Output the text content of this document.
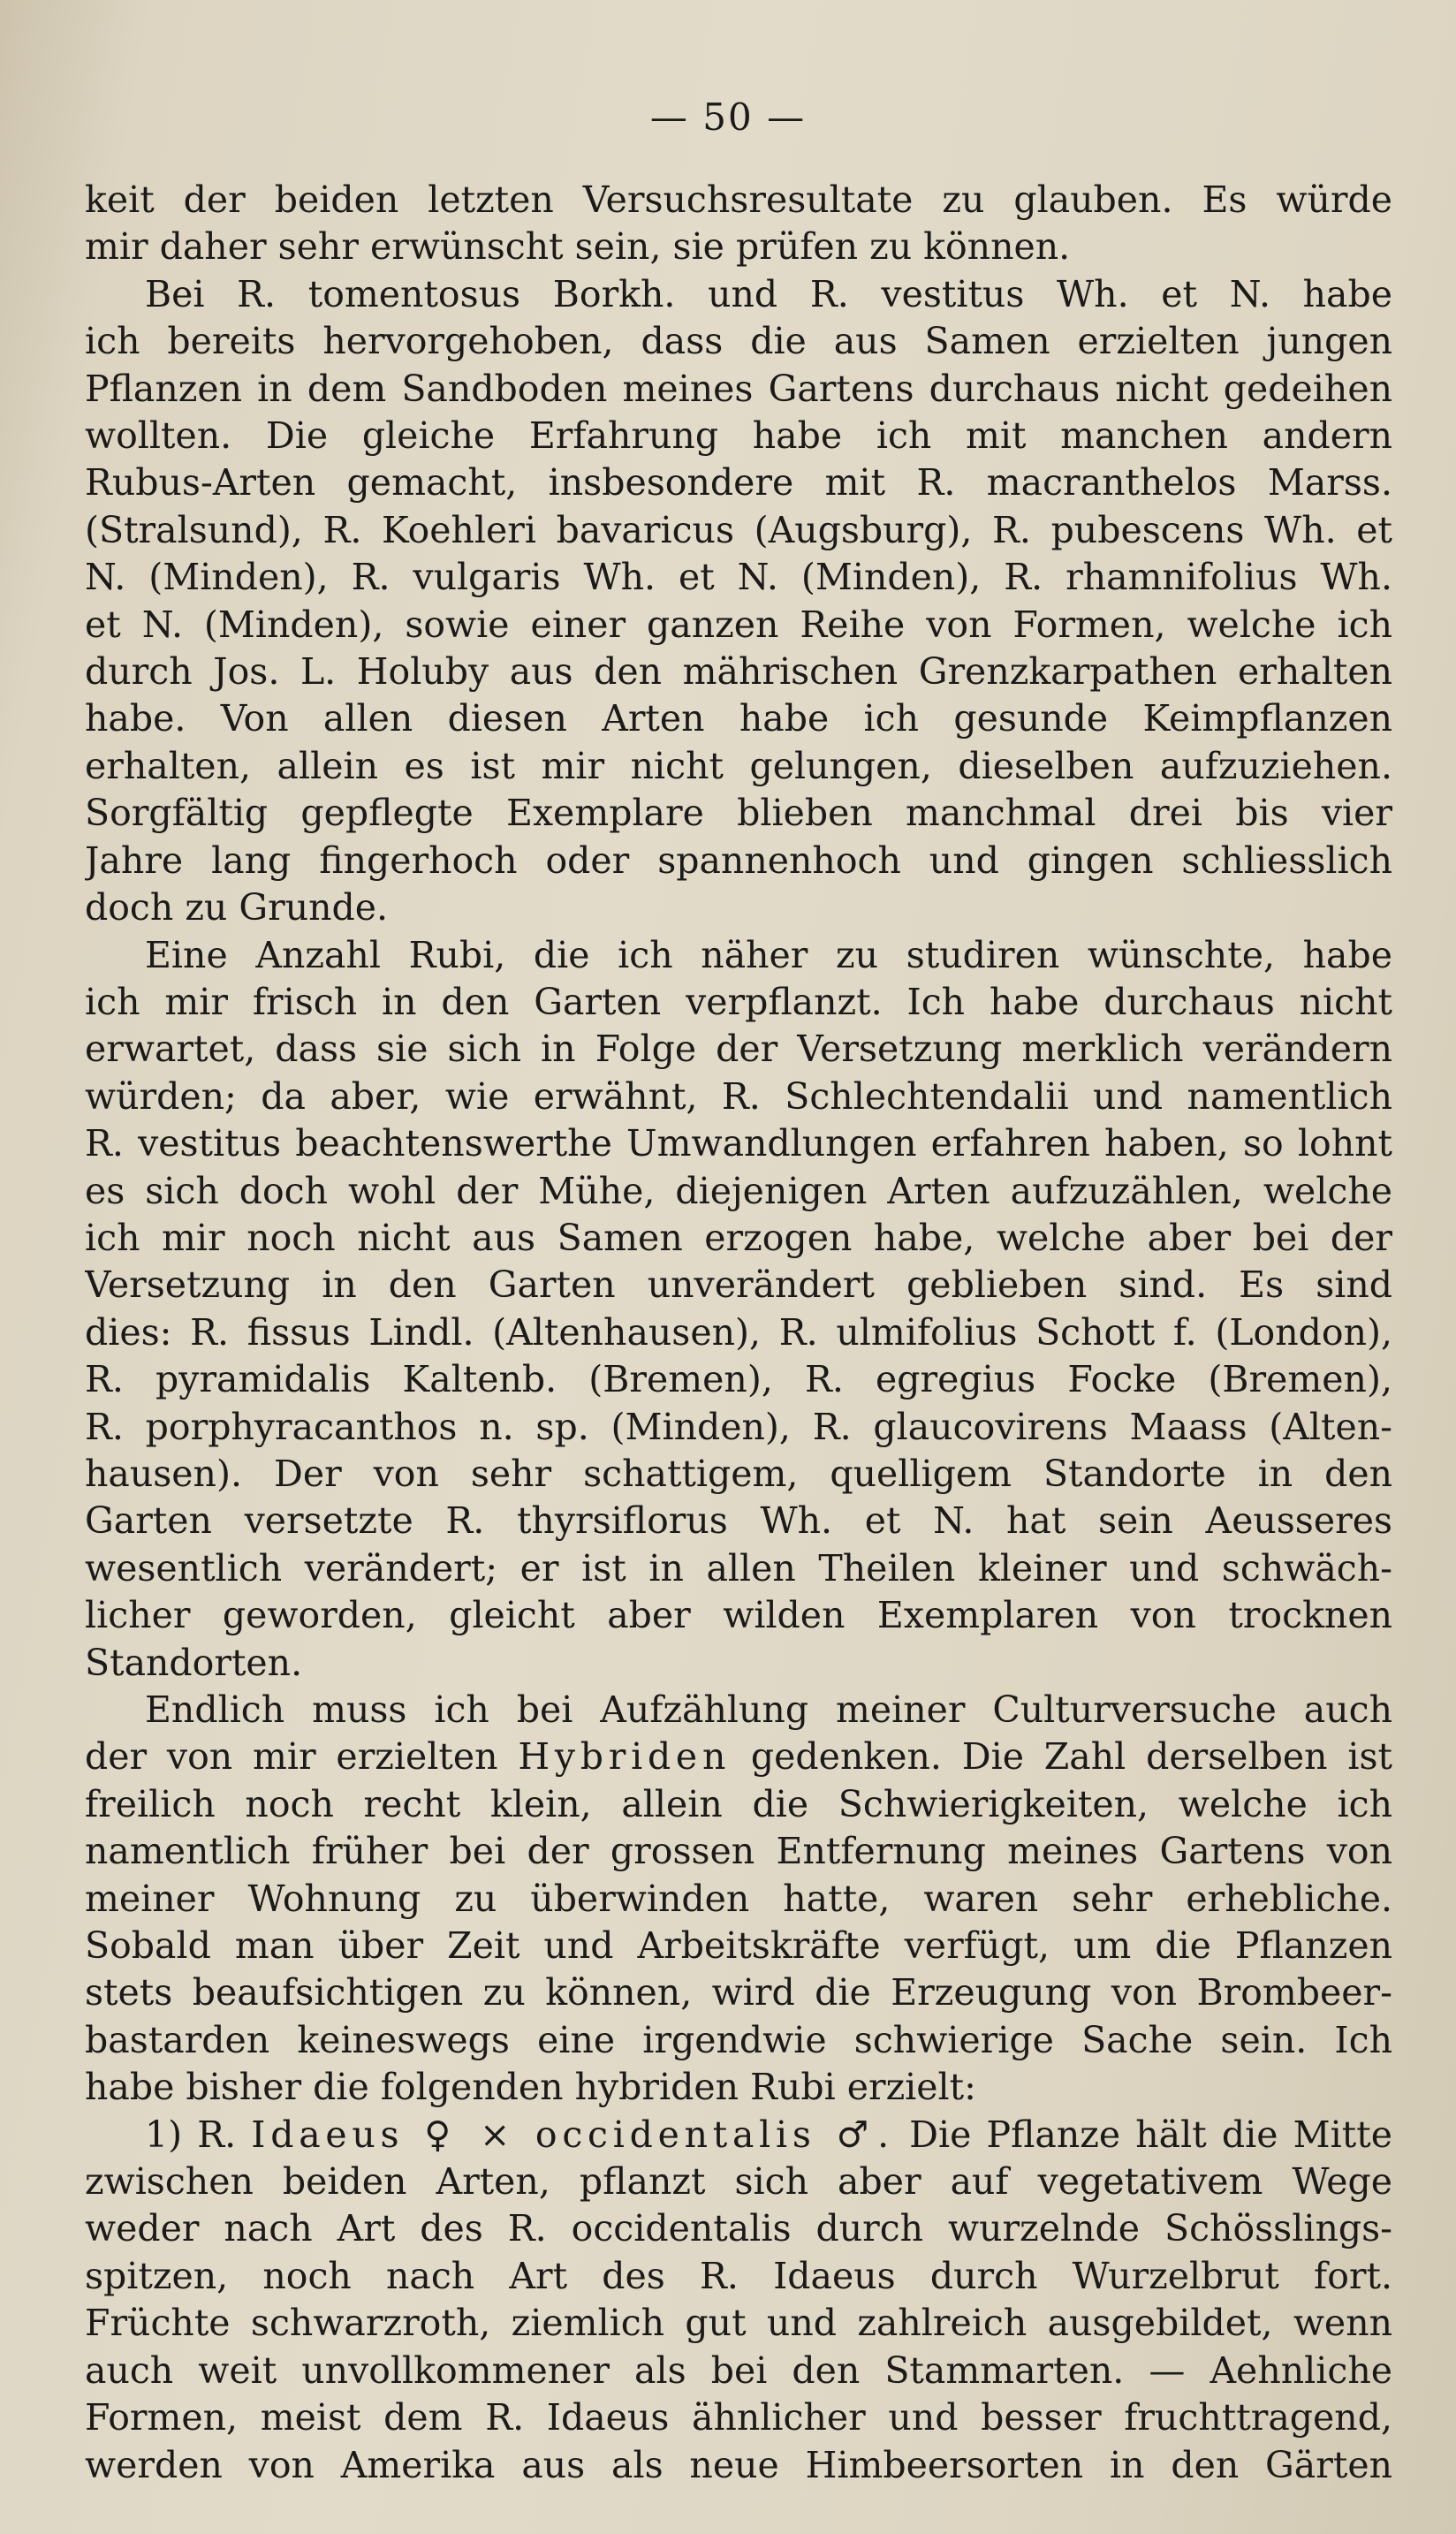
— 50 —
keit der beiden letzten Versuchsresultate zu glauben. Es würde
mir daher sehr erwünscht sein, sie prüfen zu können.
Bei R. tomentosus Borkh. und R. vestitus Wh. et N. habe
ich bereits hervorgehoben, dass die aus Samen erzielten jungen
Pflanzen in dem Sandboden meines Gartens durchaus nicht gedeihen
wollten. Die gleiche Erfahrung habe ich mit manchen andern
Rubus-Arten gemacht, insbesondere mit R. macranthelos Marss.
(Stralsund), R. Koehleri bavaricus (Augsburg), R. pubescens Wh. et
N. (Minden), R. vulgaris Wh. et N. (Minden), R. rhamnifolius Wh.
et N. (Minden), sowie einer ganzen Reihe von Formen, welche ich
durch Jos. L. Holuby aus den mährischen Grenzkarpathen erhalten
habe. Von allen diesen Arten habe ich gesunde Keimpflanzen
erhalten, allein es ist mir nicht gelungen, dieselben aufzuziehen.
Sorgfältig gepflegte Exemplare blieben manchmal drei bis vier
Jahre lang fingerhoch oder spannenhoch und gingen schliesslich
doch zu Grunde.
Eine Anzahl Rubi, die ich näher zu studiren wünschte, habe
ich mir frisch in den Garten verpflanzt. Ich habe durchaus nicht
erwartet, dass sie sich in Folge der Versetzung merklich verändern
würden; da aber, wie erwähnt, R. Schlechtendalii und namentlich
R. vestitus beachtenswerthe Umwandlungen erfahren haben, so lohnt
es sich doch wohl der Mühe, diejenigen Arten aufzuzählen, welche
ich mir noch nicht aus Samen erzogen habe, welche aber bei der
Versetzung in den Garten unverändert geblieben sind. Es sind
dies: R. fissus Lindl. (Altenhausen), R. ulmifolius Schott f. (London),
R. pyramidalis Kaltenb. (Bremen), R. egregius Focke (Bremen),
R. porphyracanthos n. sp. (Minden), R. glaucovirens Maass (Alten-
hausen). Der von sehr schattigem, quelligem Standorte in den
Garten versetzte R. thyrsiflorus Wh. et N. hat sein Aeusseres
wesentlich verändert; er ist in allen Theilen kleiner und schwäch-
licher geworden, gleicht aber wilden Exemplaren von trocknen
Standorten.
Endlich muss ich bei Aufzählung meiner Culturversuche auch
der von mir erzielten Hybriden gedenken. Die Zahl derselben ist
freilich noch recht klein, allein die Schwierigkeiten, welche ich
namentlich früher bei der grossen Entfernung meines Gartens von
meiner Wohnung zu überwinden hatte, waren sehr erhebliche.
Sobald man über Zeit und Arbeitskräfte verfügt, um die Pflanzen
stets beaufsichtigen zu können, wird die Erzeugung von Brombeer-
bastarden keineswegs eine irgendwie schwierige Sache sein. Ich
habe bisher die folgenden hybriden Rubi erzielt:
1) R. Idaeus ♀ × occidentalis ♂. Die Pflanze hält die Mitte
zwischen beiden Arten, pflanzt sich aber auf vegetativem Wege
weder nach Art des R. occidentalis durch wurzelnde Schösslings-
spitzen, noch nach Art des R. Idaeus durch Wurzelbrut fort.
Früchte schwarzroth, ziemlich gut und zahlreich ausgebildet, wenn
auch weit unvollkommener als bei den Stammarten. — Aehnliche
Formen, meist dem R. Idaeus ähnlicher und besser fruchttragend,
werden von Amerika aus als neue Himbeersorten in den Gärten
